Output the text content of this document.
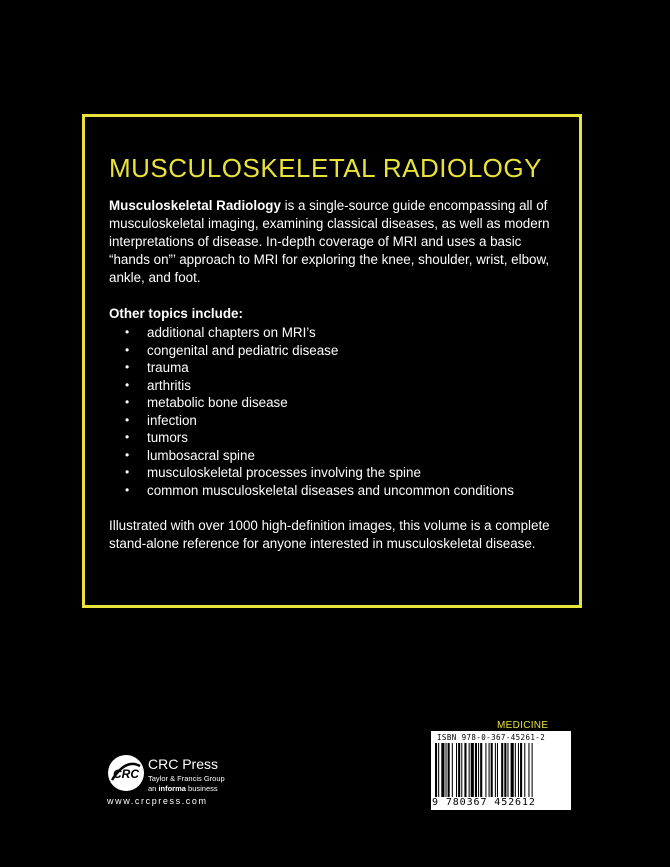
MUSCULOSKELETAL RADIOLOGY

Musculoskeletal Radiology is a single-source guide encompassing all of musculoskeletal imaging, examining classical diseases, as well as modern interpretations of disease. In-depth coverage of MRI and uses a basic “hands on”’ approach to MRI for exploring the knee, shoulder, wrist, elbow, ankle, and foot.

Other topics include:

• additional chapters on MRI’s
• congenital and pediatric disease
• trauma
• arthritis
• metabolic bone disease
• infection
• tumors
• lumbosacral spine
• musculoskeletal processes involving the spine
• common musculoskeletal diseases and uncommon conditions

Illustrated with over 1000 high-definition images, this volume is a complete stand-alone reference for anyone interested in musculoskeletal disease.

MEDICINE
ISBN 978-0-367-45261-2
9 780367 452612
CRC
CRC Press
Taylor & Francis Group
an informa business
www.crcpress.com
